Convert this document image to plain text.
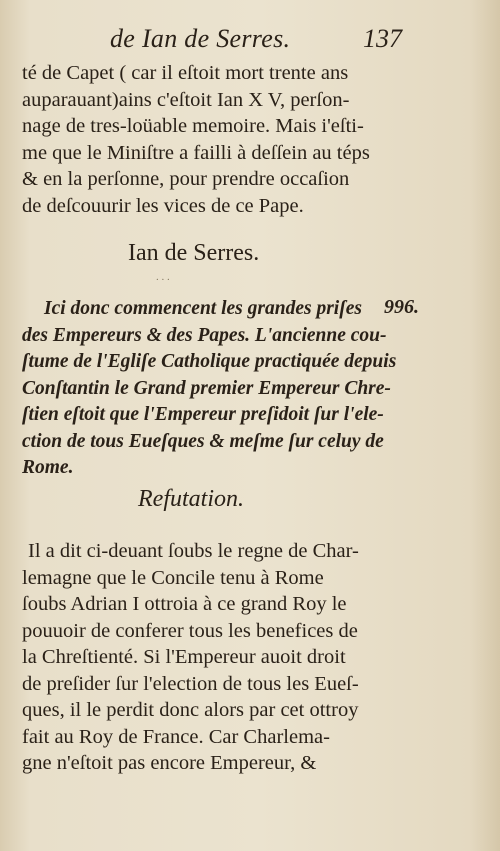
de Ian de Serres.	137
té de Capet ( car il eſtoit mort trente ans
auparauant)ains c'eſtoit Ian X V, perſon-
nage de tres-loüable memoire. Mais i'eſti-
me que le Miniſtre a failli à deſſein au téps
& en la perſonne, pour prendre occaſion
de deſcouurir les vices de ce Pape.
Ian de Serres.
∙ ∙ ∙
996.
Ici donc commencent les grandes priſes
des Empereurs & des Papes. L'ancienne cou-
ſtume de l'Egliſe Catholique practiquée depuis
Conſtantin le Grand premier Empereur Chre-
ſtien eſtoit que l'Empereur preſidoit ſur l'ele-
ction de tous Eueſques & meſme ſur celuy de
Rome.
Refutation.
Il a dit ci-deuant ſoubs le regne de Char-
lemagne que le Concile tenu à Rome
ſoubs Adrian I ottroia à ce grand Roy le
pouuoir de conferer tous les benefices de
la Chreſtienté. Si l'Empereur auoit droit
de preſider ſur l'election de tous les Eueſ-
ques, il le perdit donc alors par cet ottroy
fait au Roy de France. Car Charlema-
gne n'eſtoit pas encore Empereur, &
